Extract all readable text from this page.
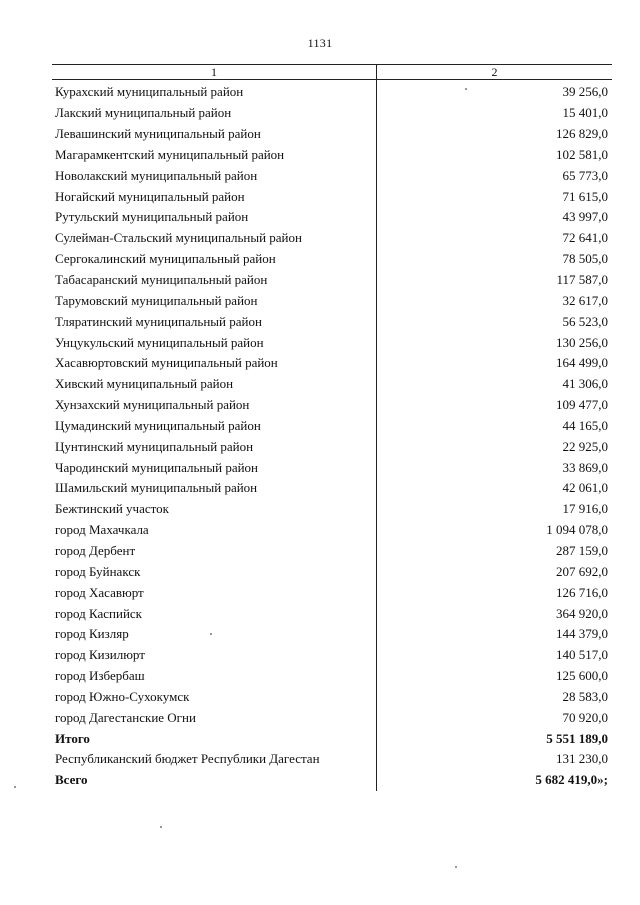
1131
1	2
Курахский муниципальный район	39 256,0
Лакский муниципальный район	15 401,0
Левашинский муниципальный район	126 829,0
Магарамкентский муниципальный район	102 581,0
Новолакский муниципальный район	65 773,0
Ногайский муниципальный район	71 615,0
Рутульский муниципальный район	43 997,0
Сулейман-Стальский муниципальный район	72 641,0
Сергокалинский муниципальный район	78 505,0
Табасаранский муниципальный район	117 587,0
Тарумовский муниципальный район	32 617,0
Тляратинский муниципальный район	56 523,0
Унцукульский муниципальный район	130 256,0
Хасавюртовский муниципальный район	164 499,0
Хивский муниципальный район	41 306,0
Хунзахский муниципальный район	109 477,0
Цумадинский муниципальный район	44 165,0
Цунтинский муниципальный район	22 925,0
Чародинский муниципальный район	33 869,0
Шамильский муниципальный район	42 061,0
Бежтинский участок	17 916,0
город Махачкала	1 094 078,0
город Дербент	287 159,0
город Буйнакск	207 692,0
город Хасавюрт	126 716,0
город Каспийск	364 920,0
город Кизляр	144 379,0
город Кизилюрт	140 517,0
город Избербаш	125 600,0
город Южно-Сухокумск	28 583,0
город Дагестанские Огни	70 920,0
Итого	5 551 189,0
Республиканский бюджет Республики Дагестан	131 230,0
Всего	5 682 419,0»;
